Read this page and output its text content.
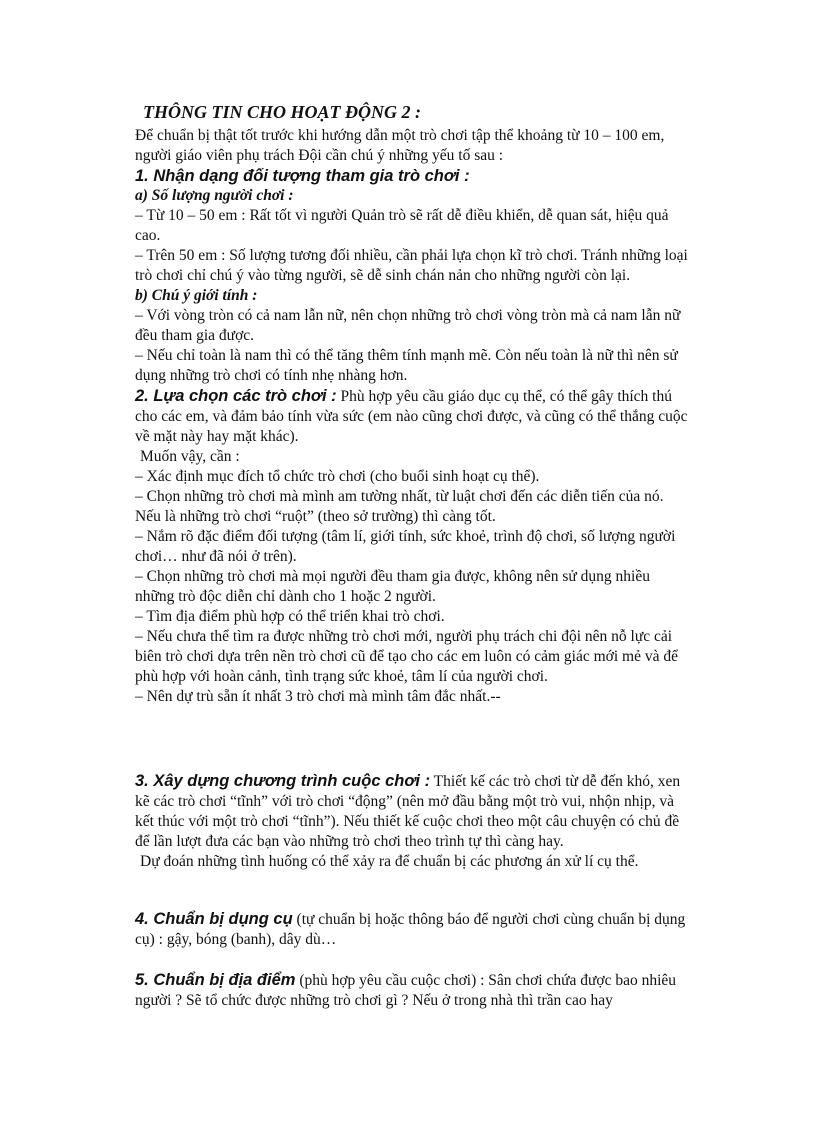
THÔNG TIN CHO HOẠT ĐỘNG 2 :

Để chuẩn bị thật tốt trước khi hướng dẫn một trò chơi tập thể khoảng từ 10 – 100 em, người giáo viên phụ trách Đội cần chú ý những yếu tố sau :

1. Nhận dạng đối tượng tham gia trò chơi :

a) Số lượng người chơi :

– Từ 10 – 50 em : Rất tốt vì người Quản trò sẽ rất dễ điều khiển, dễ quan sát, hiệu quả cao.

– Trên 50 em : Số lượng tương đối nhiều, cần phải lựa chọn kĩ trò chơi. Tránh những loại trò chơi chỉ chú ý vào từng người, sẽ dễ sinh chán nản cho những người còn lại.

b) Chú ý giới tính :

– Với vòng tròn có cả nam lẫn nữ, nên chọn những trò chơi vòng tròn mà cả nam lẫn nữ đều tham gia được.

– Nếu chỉ toàn là nam thì có thể tăng thêm tính mạnh mẽ. Còn nếu toàn là nữ thì nên sử dụng những trò chơi có tính nhẹ nhàng hơn.

2. Lựa chọn các trò chơi : Phù hợp yêu cầu giáo dục cụ thể, có thể gây thích thú cho các em, và đảm bảo tính vừa sức (em nào cũng chơi được, và cũng có thể thắng cuộc về mặt này hay mặt khác).

Muốn vậy, cần :

– Xác định mục đích tổ chức trò chơi (cho buổi sinh hoạt cụ thể).

– Chọn những trò chơi mà mình am tường nhất, từ luật chơi đến các diễn tiến của nó. Nếu là những trò chơi “ruột” (theo sở trường) thì càng tốt.

– Nắm rõ đặc điểm đối tượng (tâm lí, giới tính, sức khoẻ, trình độ chơi, số lượng người chơi… như đã nói ở trên).

– Chọn những trò chơi mà mọi người đều tham gia được, không nên sử dụng nhiều những trò độc diễn chỉ dành cho 1 hoặc 2 người.

– Tìm địa điểm phù hợp có thể triển khai trò chơi.

– Nếu chưa thể tìm ra được những trò chơi mới, người phụ trách chi đội nên nỗ lực cải biên trò chơi dựa trên nền trò chơi cũ để tạo cho các em luôn có cảm giác mới mẻ và để phù hợp với hoàn cảnh, tình trạng sức khoẻ, tâm lí của người chơi.

– Nên dự trù sẵn ít nhất 3 trò chơi mà mình tâm đắc nhất.--

3. Xây dựng chương trình cuộc chơi : Thiết kế các trò chơi từ dễ đến khó, xen kẽ các trò chơi “tĩnh” với trò chơi “động” (nên mở đầu bằng một trò vui, nhộn nhịp, và kết thúc với một trò chơi “tĩnh”). Nếu thiết kế cuộc chơi theo một câu chuyện có chủ đề để lần lượt đưa các bạn vào những trò chơi theo trình tự thì càng hay.

Dự đoán những tình huống có thể xảy ra để chuẩn bị các phương án xử lí cụ thể.

4. Chuẩn bị dụng cụ (tự chuẩn bị hoặc thông báo để người chơi cùng chuẩn bị dụng cụ) : gậy, bóng (banh), dây dù…

5. Chuẩn bị địa điểm (phù hợp yêu cầu cuộc chơi) : Sân chơi chứa được bao nhiêu người ? Sẽ tổ chức được những trò chơi gì ? Nếu ở trong nhà thì trần cao hay
